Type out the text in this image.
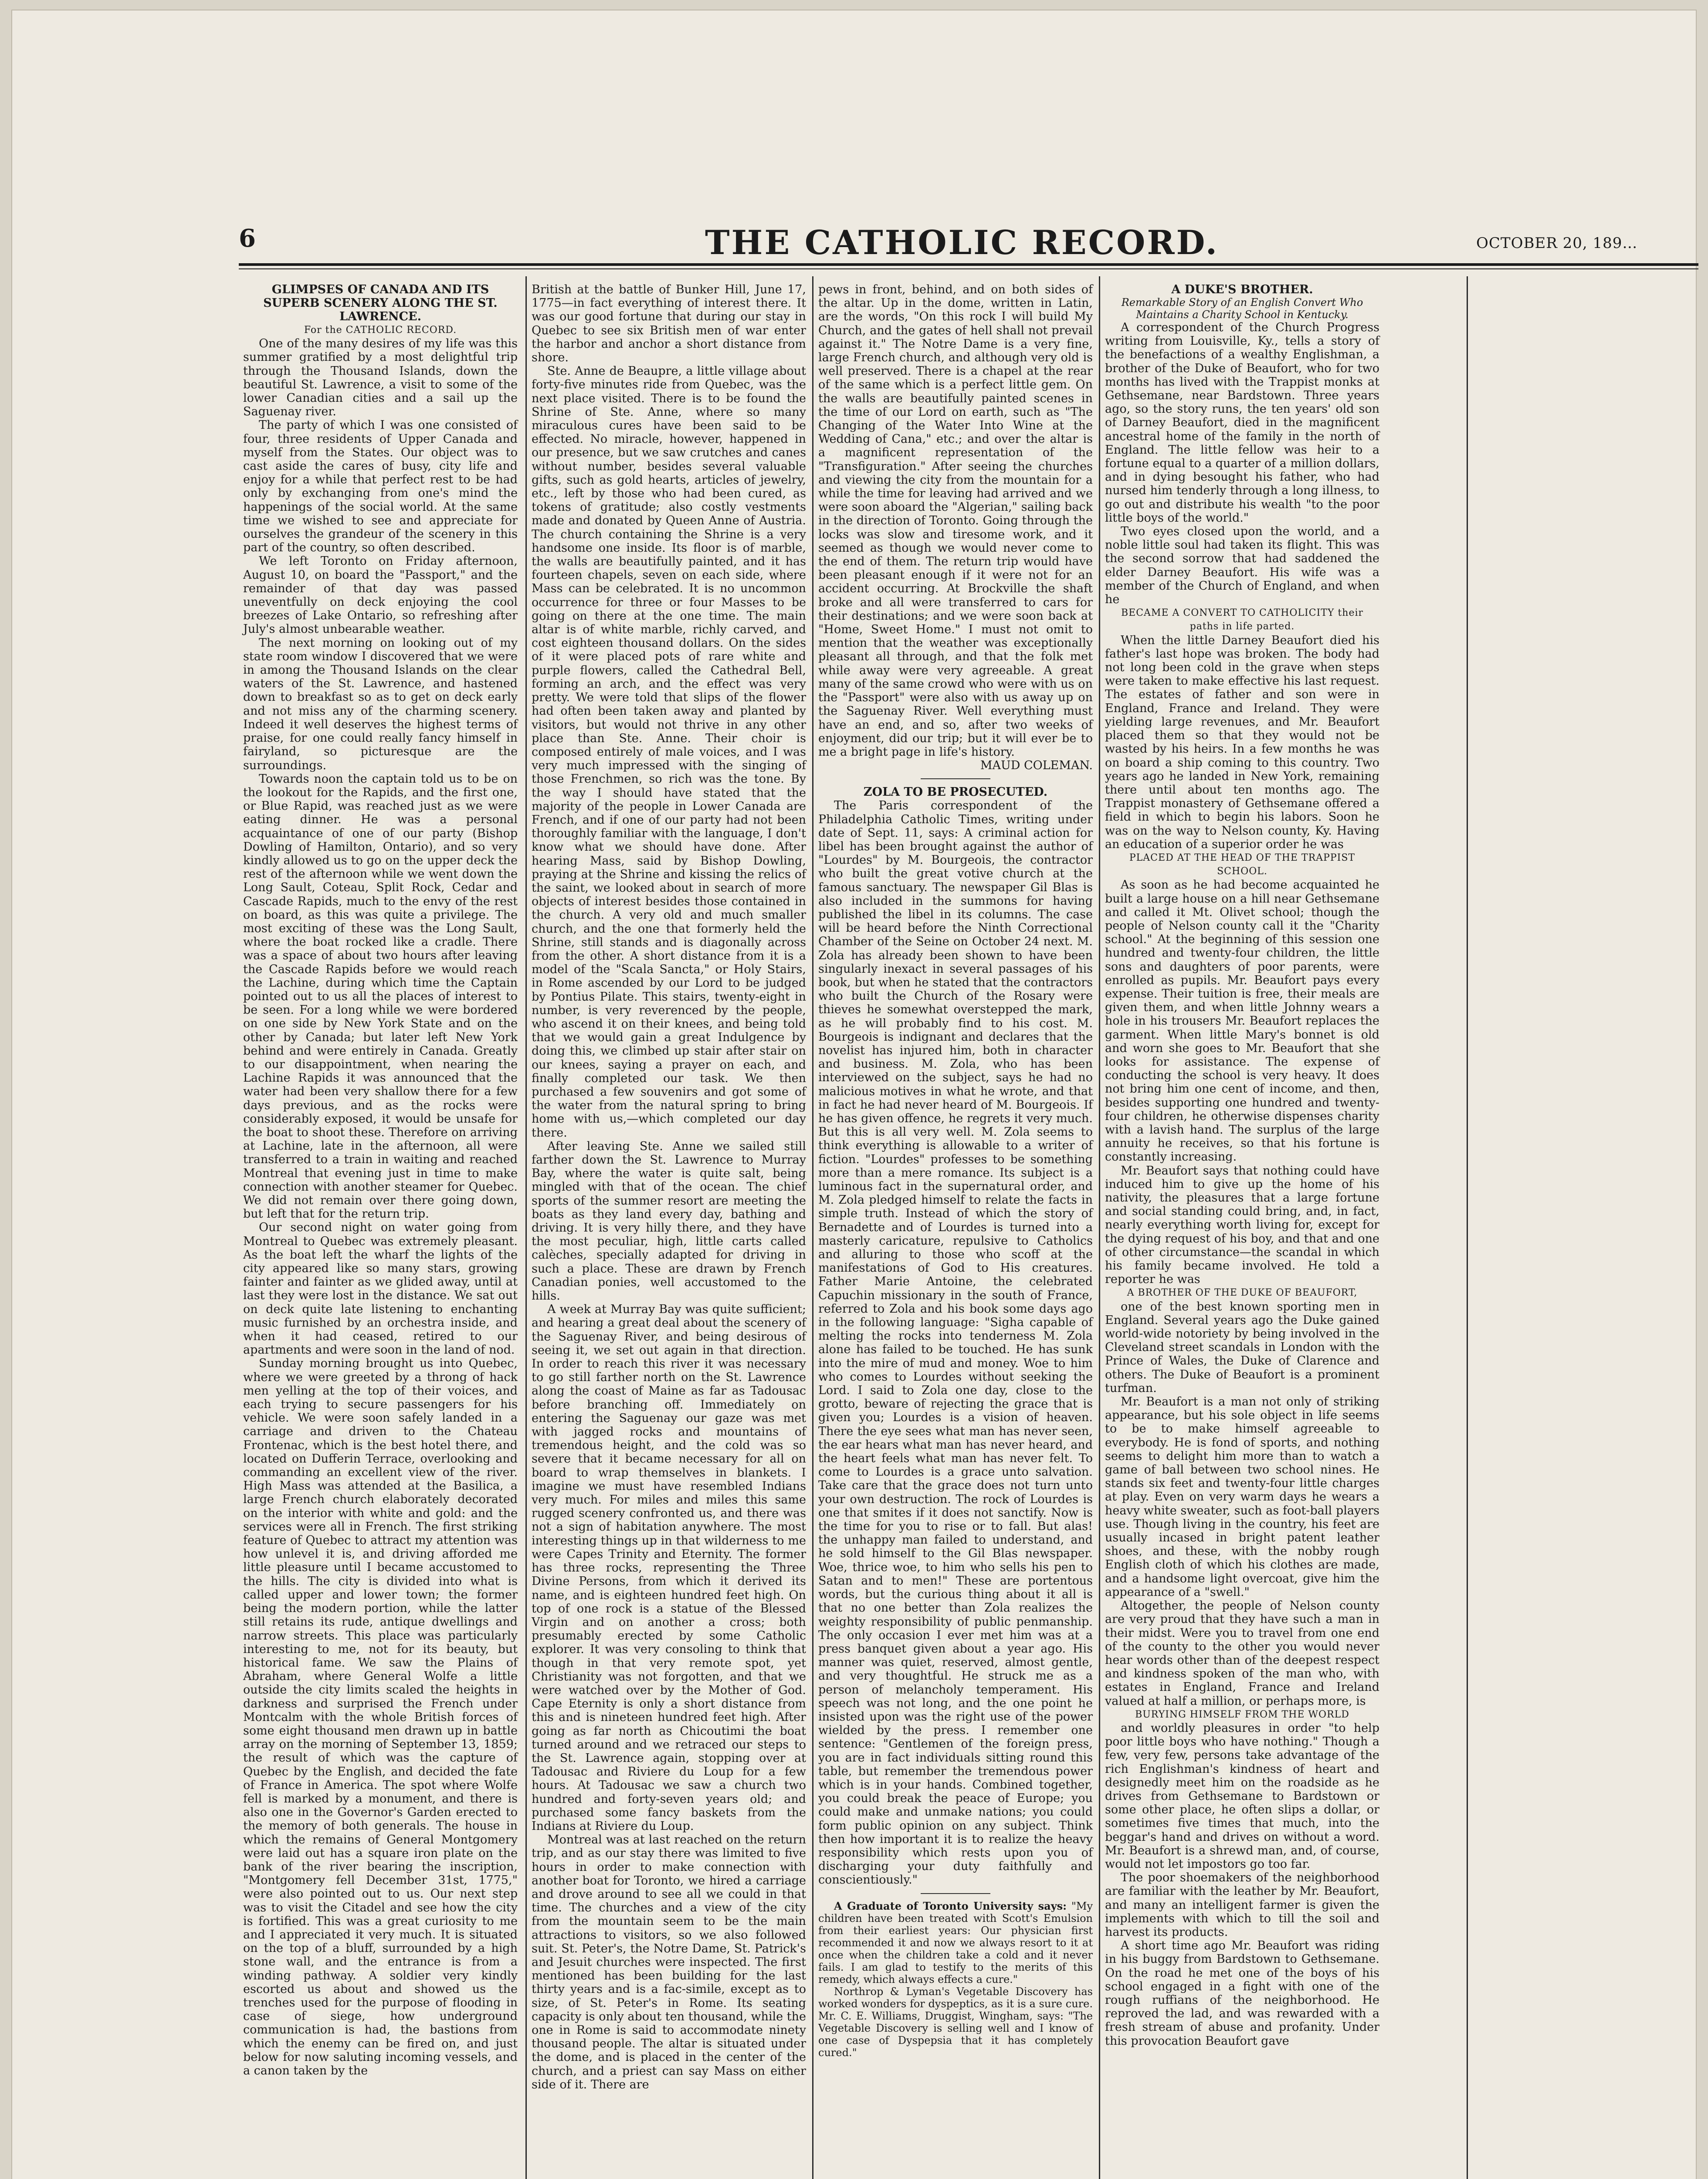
6	THE CATHOLIC RECORD.	OCTOBER 20, 189…

GLIMPSES OF CANADA AND ITS SUPERB SCENERY ALONG THE ST. LAWRENCE.

For the CATHOLIC RECORD.

One of the many desires of my life was this summer gratified by a most delightful trip through the Thousand Islands, down the beautiful St. Lawrence, a visit to some of the lower Canadian cities and a sail up the Saguenay river.

The party of which I was one consisted of four, three residents of Upper Canada and myself from the States. Our object was to cast aside the cares of busy, city life and enjoy for a while that perfect rest to be had only by exchanging from one's mind the happenings of the social world. At the same time we wished to see and appreciate for ourselves the grandeur of the scenery in this part of the country, so often described.

We left Toronto on Friday afternoon, August 10, on board the "Passport," and the remainder of that day was passed uneventfully on deck enjoying the cool breezes of Lake Ontario, so refreshing after July's almost unbearable weather.

The next morning on looking out of my state room window I discovered that we were in among the Thousand Islands on the clear waters of the St. Lawrence, and hastened down to breakfast so as to get on deck early and not miss any of the charming scenery. Indeed it well deserves the highest terms of praise, for one could really fancy himself in fairyland, so picturesque are the surroundings.

Towards noon the captain told us to be on the lookout for the Rapids, and the first one, or Blue Rapid, was reached just as we were eating dinner. He was a personal acquaintance of one of our party (Bishop Dowling of Hamilton, Ontario), and so very kindly allowed us to go on the upper deck the rest of the afternoon while we went down the Long Sault, Coteau, Split Rock, Cedar and Cascade Rapids, much to the envy of the rest on board, as this was quite a privilege. The most exciting of these was the Long Sault, where the boat rocked like a cradle. There was a space of about two hours after leaving the Cascade Rapids before we would reach the Lachine, during which time the Captain pointed out to us all the places of interest to be seen. For a long while we were bordered on one side by New York State and on the other by Canada; but later left New York behind and were entirely in Canada. Greatly to our disappointment, when nearing the Lachine Rapids it was announced that the water had been very shallow there for a few days previous, and as the rocks were considerably exposed, it would be unsafe for the boat to shoot these. Therefore on arriving at Lachine, late in the afternoon, all were transferred to a train in waiting and reached Montreal that evening just in time to make connection with another steamer for Quebec. We did not remain over there going down, but left that for the return trip.

Our second night on water going from Montreal to Quebec was extremely pleasant. As the boat left the wharf the lights of the city appeared like so many stars, growing fainter and fainter as we glided away, until at last they were lost in the distance. We sat out on deck quite late listening to enchanting music furnished by an orchestra inside, and when it had ceased, retired to our apartments and were soon in the land of nod.

Sunday morning brought us into Quebec, where we were greeted by a throng of hack men yelling at the top of their voices, and each trying to secure passengers for his vehicle. We were soon safely landed in a carriage and driven to the Chateau Frontenac, which is the best hotel there, and located on Dufferin Terrace, overlooking and commanding an excellent view of the river. High Mass was attended at the Basilica, a large French church elaborately decorated on the interior with white and gold: and the services were all in French. The first striking feature of Quebec to attract my attention was how unlevel it is, and driving afforded me little pleasure until I became accustomed to the hills. The city is divided into what is called upper and lower town; the former being the modern portion, while the latter still retains its rude, antique dwellings and narrow streets. This place was particularly interesting to me, not for its beauty, but historical fame. We saw the Plains of Abraham, where General Wolfe a little outside the city limits scaled the heights in darkness and surprised the French under Montcalm with the whole British forces of some eight thousand men drawn up in battle array on the morning of September 13, 1859; the result of which was the capture of Quebec by the English, and decided the fate of France in America. The spot where Wolfe fell is marked by a monument, and there is also one in the Governor's Garden erected to the memory of both generals. The house in which the remains of General Montgomery were laid out has a square iron plate on the bank of the river bearing the inscription, "Montgomery fell December 31st, 1775," were also pointed out to us. Our next step was to visit the Citadel and see how the city is fortified. This was a great curiosity to me and I appreciated it very much. It is situated on the top of a bluff, surrounded by a high stone wall, and the entrance is from a winding pathway. A soldier very kindly escorted us about and showed us the trenches used for the purpose of flooding in case of siege, how underground communication is had, the bastions from which the enemy can be fired on, and just below for now saluting incoming vessels, and a canon taken by the

British at the battle of Bunker Hill, June 17, 1775—in fact everything of interest there. It was our good fortune that during our stay in Quebec to see six British men of war enter the harbor and anchor a short distance from shore.

Ste. Anne de Beaupre, a little village about forty-five minutes ride from Quebec, was the next place visited. There is to be found the Shrine of Ste. Anne, where so many miraculous cures have been said to be effected. No miracle, however, happened in our presence, but we saw crutches and canes without number, besides several valuable gifts, such as gold hearts, articles of jewelry, etc., left by those who had been cured, as tokens of gratitude; also costly vestments made and donated by Queen Anne of Austria. The church containing the Shrine is a very handsome one inside. Its floor is of marble, the walls are beautifully painted, and it has fourteen chapels, seven on each side, where Mass can be celebrated. It is no uncommon occurrence for three or four Masses to be going on there at the one time. The main altar is of white marble, richly carved, and cost eighteen thousand dollars. On the sides of it were placed pots of rare white and purple flowers, called the Cathedral Bell, forming an arch, and the effect was very pretty. We were told that slips of the flower had often been taken away and planted by visitors, but would not thrive in any other place than Ste. Anne. Their choir is composed entirely of male voices, and I was very much impressed with the singing of those Frenchmen, so rich was the tone. By the way I should have stated that the majority of the people in Lower Canada are French, and if one of our party had not been thoroughly familiar with the language, I don't know what we should have done. After hearing Mass, said by Bishop Dowling, praying at the Shrine and kissing the relics of the saint, we looked about in search of more objects of interest besides those contained in the church. A very old and much smaller church, and the one that formerly held the Shrine, still stands and is diagonally across from the other. A short distance from it is a model of the "Scala Sancta," or Holy Stairs, in Rome ascended by our Lord to be judged by Pontius Pilate. This stairs, twenty-eight in number, is very reverenced by the people, who ascend it on their knees, and being told that we would gain a great Indulgence by doing this, we climbed up stair after stair on our knees, saying a prayer on each, and finally completed our task. We then purchased a few souvenirs and got some of the water from the natural spring to bring home with us,—which completed our day there.

After leaving Ste. Anne we sailed still farther down the St. Lawrence to Murray Bay, where the water is quite salt, being mingled with that of the ocean. The chief sports of the summer resort are meeting the boats as they land every day, bathing and driving. It is very hilly there, and they have the most peculiar, high, little carts called calèches, specially adapted for driving in such a place. These are drawn by French Canadian ponies, well accustomed to the hills.

A week at Murray Bay was quite sufficient; and hearing a great deal about the scenery of the Saguenay River, and being desirous of seeing it, we set out again in that direction. In order to reach this river it was necessary to go still farther north on the St. Lawrence along the coast of Maine as far as Tadousac before branching off. Immediately on entering the Saguenay our gaze was met with jagged rocks and mountains of tremendous height, and the cold was so severe that it became necessary for all on board to wrap themselves in blankets. I imagine we must have resembled Indians very much. For miles and miles this same rugged scenery confronted us, and there was not a sign of habitation anywhere. The most interesting things up in that wilderness to me were Capes Trinity and Eternity. The former has three rocks, representing the Three Divine Persons, from which it derived its name, and is eighteen hundred feet high. On top of one rock is a statue of the Blessed Virgin and on another a cross; both presumably erected by some Catholic explorer. It was very consoling to think that though in that very remote spot, yet Christianity was not forgotten, and that we were watched over by the Mother of God. Cape Eternity is only a short distance from this and is nineteen hundred feet high. After going as far north as Chicoutimi the boat turned around and we retraced our steps to the St. Lawrence again, stopping over at Tadousac and Riviere du Loup for a few hours. At Tadousac we saw a church two hundred and forty-seven years old; and purchased some fancy baskets from the Indians at Riviere du Loup.

Montreal was at last reached on the return trip, and as our stay there was limited to five hours in order to make connection with another boat for Toronto, we hired a carriage and drove around to see all we could in that time. The churches and a view of the city from the mountain seem to be the main attractions to visitors, so we also followed suit. St. Peter's, the Notre Dame, St. Patrick's and Jesuit churches were inspected. The first mentioned has been building for the last thirty years and is a fac-simile, except as to size, of St. Peter's in Rome. Its seating capacity is only about ten thousand, while the one in Rome is said to accommodate ninety thousand people. The altar is situated under the dome, and is placed in the center of the church, and a priest can say Mass on either side of it. There are

pews in front, behind, and on both sides of the altar. Up in the dome, written in Latin, are the words, "On this rock I will build My Church, and the gates of hell shall not prevail against it." The Notre Dame is a very fine, large French church, and although very old is well preserved. There is a chapel at the rear of the same which is a perfect little gem. On the walls are beautifully painted scenes in the time of our Lord on earth, such as "The Changing of the Water Into Wine at the Wedding of Cana," etc.; and over the altar is a magnificent representation of the "Transfiguration." After seeing the churches and viewing the city from the mountain for a while the time for leaving had arrived and we were soon aboard the "Algerian," sailing back in the direction of Toronto. Going through the locks was slow and tiresome work, and it seemed as though we would never come to the end of them. The return trip would have been pleasant enough if it were not for an accident occurring. At Brockville the shaft broke and all were transferred to cars for their destinations; and we were soon back at "Home, Sweet Home." I must not omit to mention that the weather was exceptionally pleasant all through, and that the folk met while away were very agreeable. A great many of the same crowd who were with us on the "Passport" were also with us away up on the Saguenay River. Well everything must have an end, and so, after two weeks of enjoyment, did our trip; but it will ever be to me a bright page in life's history.

MAUD COLEMAN.

ZOLA TO BE PROSECUTED.

The Paris correspondent of the Philadelphia Catholic Times, writing under date of Sept. 11, says: A criminal action for libel has been brought against the author of "Lourdes" by M. Bourgeois, the contractor who built the great votive church at the famous sanctuary. The newspaper Gil Blas is also included in the summons for having published the libel in its columns. The case will be heard before the Ninth Correctional Chamber of the Seine on October 24 next. M. Zola has already been shown to have been singularly inexact in several passages of his book, but when he stated that the contractors who built the Church of the Rosary were thieves he somewhat overstepped the mark, as he will probably find to his cost. M. Bourgeois is indignant and declares that the novelist has injured him, both in character and business. M. Zola, who has been interviewed on the subject, says he had no malicious motives in what he wrote, and that in fact he had never heard of M. Bourgeois. If he has given offence, he regrets it very much. But this is all very well. M. Zola seems to think everything is allowable to a writer of fiction. "Lourdes" professes to be something more than a mere romance. Its subject is a luminous fact in the supernatural order, and M. Zola pledged himself to relate the facts in simple truth. Instead of which the story of Bernadette and of Lourdes is turned into a masterly caricature, repulsive to Catholics and alluring to those who scoff at the manifestations of God to His creatures. Father Marie Antoine, the celebrated Capuchin missionary in the south of France, referred to Zola and his book some days ago in the following language: "Sigha capable of melting the rocks into tenderness M. Zola alone has failed to be touched. He has sunk into the mire of mud and money. Woe to him who comes to Lourdes without seeking the Lord. I said to Zola one day, close to the grotto, beware of rejecting the grace that is given you; Lourdes is a vision of heaven. There the eye sees what man has never seen, the ear hears what man has never heard, and the heart feels what man has never felt. To come to Lourdes is a grace unto salvation. Take care that the grace does not turn unto your own destruction. The rock of Lourdes is one that smites if it does not sanctify. Now is the time for you to rise or to fall. But alas! the unhappy man failed to understand, and he sold himself to the Gil Blas newspaper. Woe, thrice woe, to him who sells his pen to Satan and to men!" These are portentous words, but the curious thing about it all is that no one better than Zola realizes the weighty responsibility of public penmanship. The only occasion I ever met him was at a press banquet given about a year ago. His manner was quiet, reserved, almost gentle, and very thoughtful. He struck me as a person of melancholy temperament. His speech was not long, and the one point he insisted upon was the right use of the power wielded by the press. I remember one sentence: "Gentlemen of the foreign press, you are in fact individuals sitting round this table, but remember the tremendous power which is in your hands. Combined together, you could break the peace of Europe; you could make and unmake nations; you could form public opinion on any subject. Think then how important it is to realize the heavy responsibility which rests upon you of discharging your duty faithfully and conscientiously."

A Graduate of Toronto University says: "My children have been treated with Scott's Emulsion from their earliest years: Our physician first recommended it and now we always resort to it at once when the children take a cold and it never fails. I am glad to testify to the merits of this remedy, which always effects a cure."

Northrop & Lyman's Vegetable Discovery has worked wonders for dyspeptics, as it is a sure cure. Mr. C. E. Williams, Druggist, Wingham, says: "The Vegetable Discovery is selling well and I know of one case of Dyspepsia that it has completely cured."

A DUKE'S BROTHER.

Remarkable Story of an English Convert Who Maintains a Charity School in Kentucky.

A correspondent of the Church Progress writing from Louisville, Ky., tells a story of the benefactions of a wealthy Englishman, a brother of the Duke of Beaufort, who for two months has lived with the Trappist monks at Gethsemane, near Bardstown. Three years ago, so the story runs, the ten years' old son of Darney Beaufort, died in the magnificent ancestral home of the family in the north of England. The little fellow was heir to a fortune equal to a quarter of a million dollars, and in dying besought his father, who had nursed him tenderly through a long illness, to go out and distribute his wealth "to the poor little boys of the world."

Two eyes closed upon the world, and a noble little soul had taken its flight. This was the second sorrow that had saddened the elder Darney Beaufort. His wife was a member of the Church of England, and when he

BECAME A CONVERT TO CATHOLICITY their paths in life parted.

When the little Darney Beaufort died his father's last hope was broken. The body had not long been cold in the grave when steps were taken to make effective his last request. The estates of father and son were in England, France and Ireland. They were yielding large revenues, and Mr. Beaufort placed them so that they would not be wasted by his heirs. In a few months he was on board a ship coming to this country. Two years ago he landed in New York, remaining there until about ten months ago. The Trappist monastery of Gethsemane offered a field in which to begin his labors. Soon he was on the way to Nelson county, Ky. Having an education of a superior order he was

PLACED AT THE HEAD OF THE TRAPPIST SCHOOL.

As soon as he had become acquainted he built a large house on a hill near Gethsemane and called it Mt. Olivet school; though the people of Nelson county call it the "Charity school." At the beginning of this session one hundred and twenty-four children, the little sons and daughters of poor parents, were enrolled as pupils. Mr. Beaufort pays every expense. Their tuition is free, their meals are given them, and when little Johnny wears a hole in his trousers Mr. Beaufort replaces the garment. When little Mary's bonnet is old and worn she goes to Mr. Beaufort that she looks for assistance. The expense of conducting the school is very heavy. It does not bring him one cent of income, and then, besides supporting one hundred and twenty-four children, he otherwise dispenses charity with a lavish hand. The surplus of the large annuity he receives, so that his fortune is constantly increasing.

Mr. Beaufort says that nothing could have induced him to give up the home of his nativity, the pleasures that a large fortune and social standing could bring, and, in fact, nearly everything worth living for, except for the dying request of his boy, and that and one of other circumstance—the scandal in which his family became involved. He told a reporter he was

A BROTHER OF THE DUKE OF BEAUFORT,

one of the best known sporting men in England. Several years ago the Duke gained world-wide notoriety by being involved in the Cleveland street scandals in London with the Prince of Wales, the Duke of Clarence and others. The Duke of Beaufort is a prominent turfman.

Mr. Beaufort is a man not only of striking appearance, but his sole object in life seems to be to make himself agreeable to everybody. He is fond of sports, and nothing seems to delight him more than to watch a game of ball between two school nines. He stands six feet and twenty-four little charges at play. Even on very warm days he wears a heavy white sweater, such as foot-ball players use. Though living in the country, his feet are usually incased in bright patent leather shoes, and these, with the nobby rough English cloth of which his clothes are made, and a handsome light overcoat, give him the appearance of a "swell."

Altogether, the people of Nelson county are very proud that they have such a man in their midst. Were you to travel from one end of the county to the other you would never hear words other than of the deepest respect and kindness spoken of the man who, with estates in England, France and Ireland valued at half a million, or perhaps more, is

BURYING HIMSELF FROM THE WORLD

and worldly pleasures in order "to help poor little boys who have nothing." Though a few, very few, persons take advantage of the rich Englishman's kindness of heart and designedly meet him on the roadside as he drives from Gethsemane to Bardstown or some other place, he often slips a dollar, or sometimes five times that much, into the beggar's hand and drives on without a word. Mr. Beaufort is a shrewd man, and, of course, would not let impostors go too far.

The poor shoemakers of the neighborhood are familiar with the leather by Mr. Beaufort, and many an intelligent farmer is given the implements with which to till the soil and harvest its products.

A short time ago Mr. Beaufort was riding in his buggy from Bardstown to Gethsemane. On the road he met one of the boys of his school engaged in a fight with one of the rough ruffians of the neighborhood. He reproved the lad, and was rewarded with a fresh stream of abuse and profanity. Under this provocation Beaufort gave
